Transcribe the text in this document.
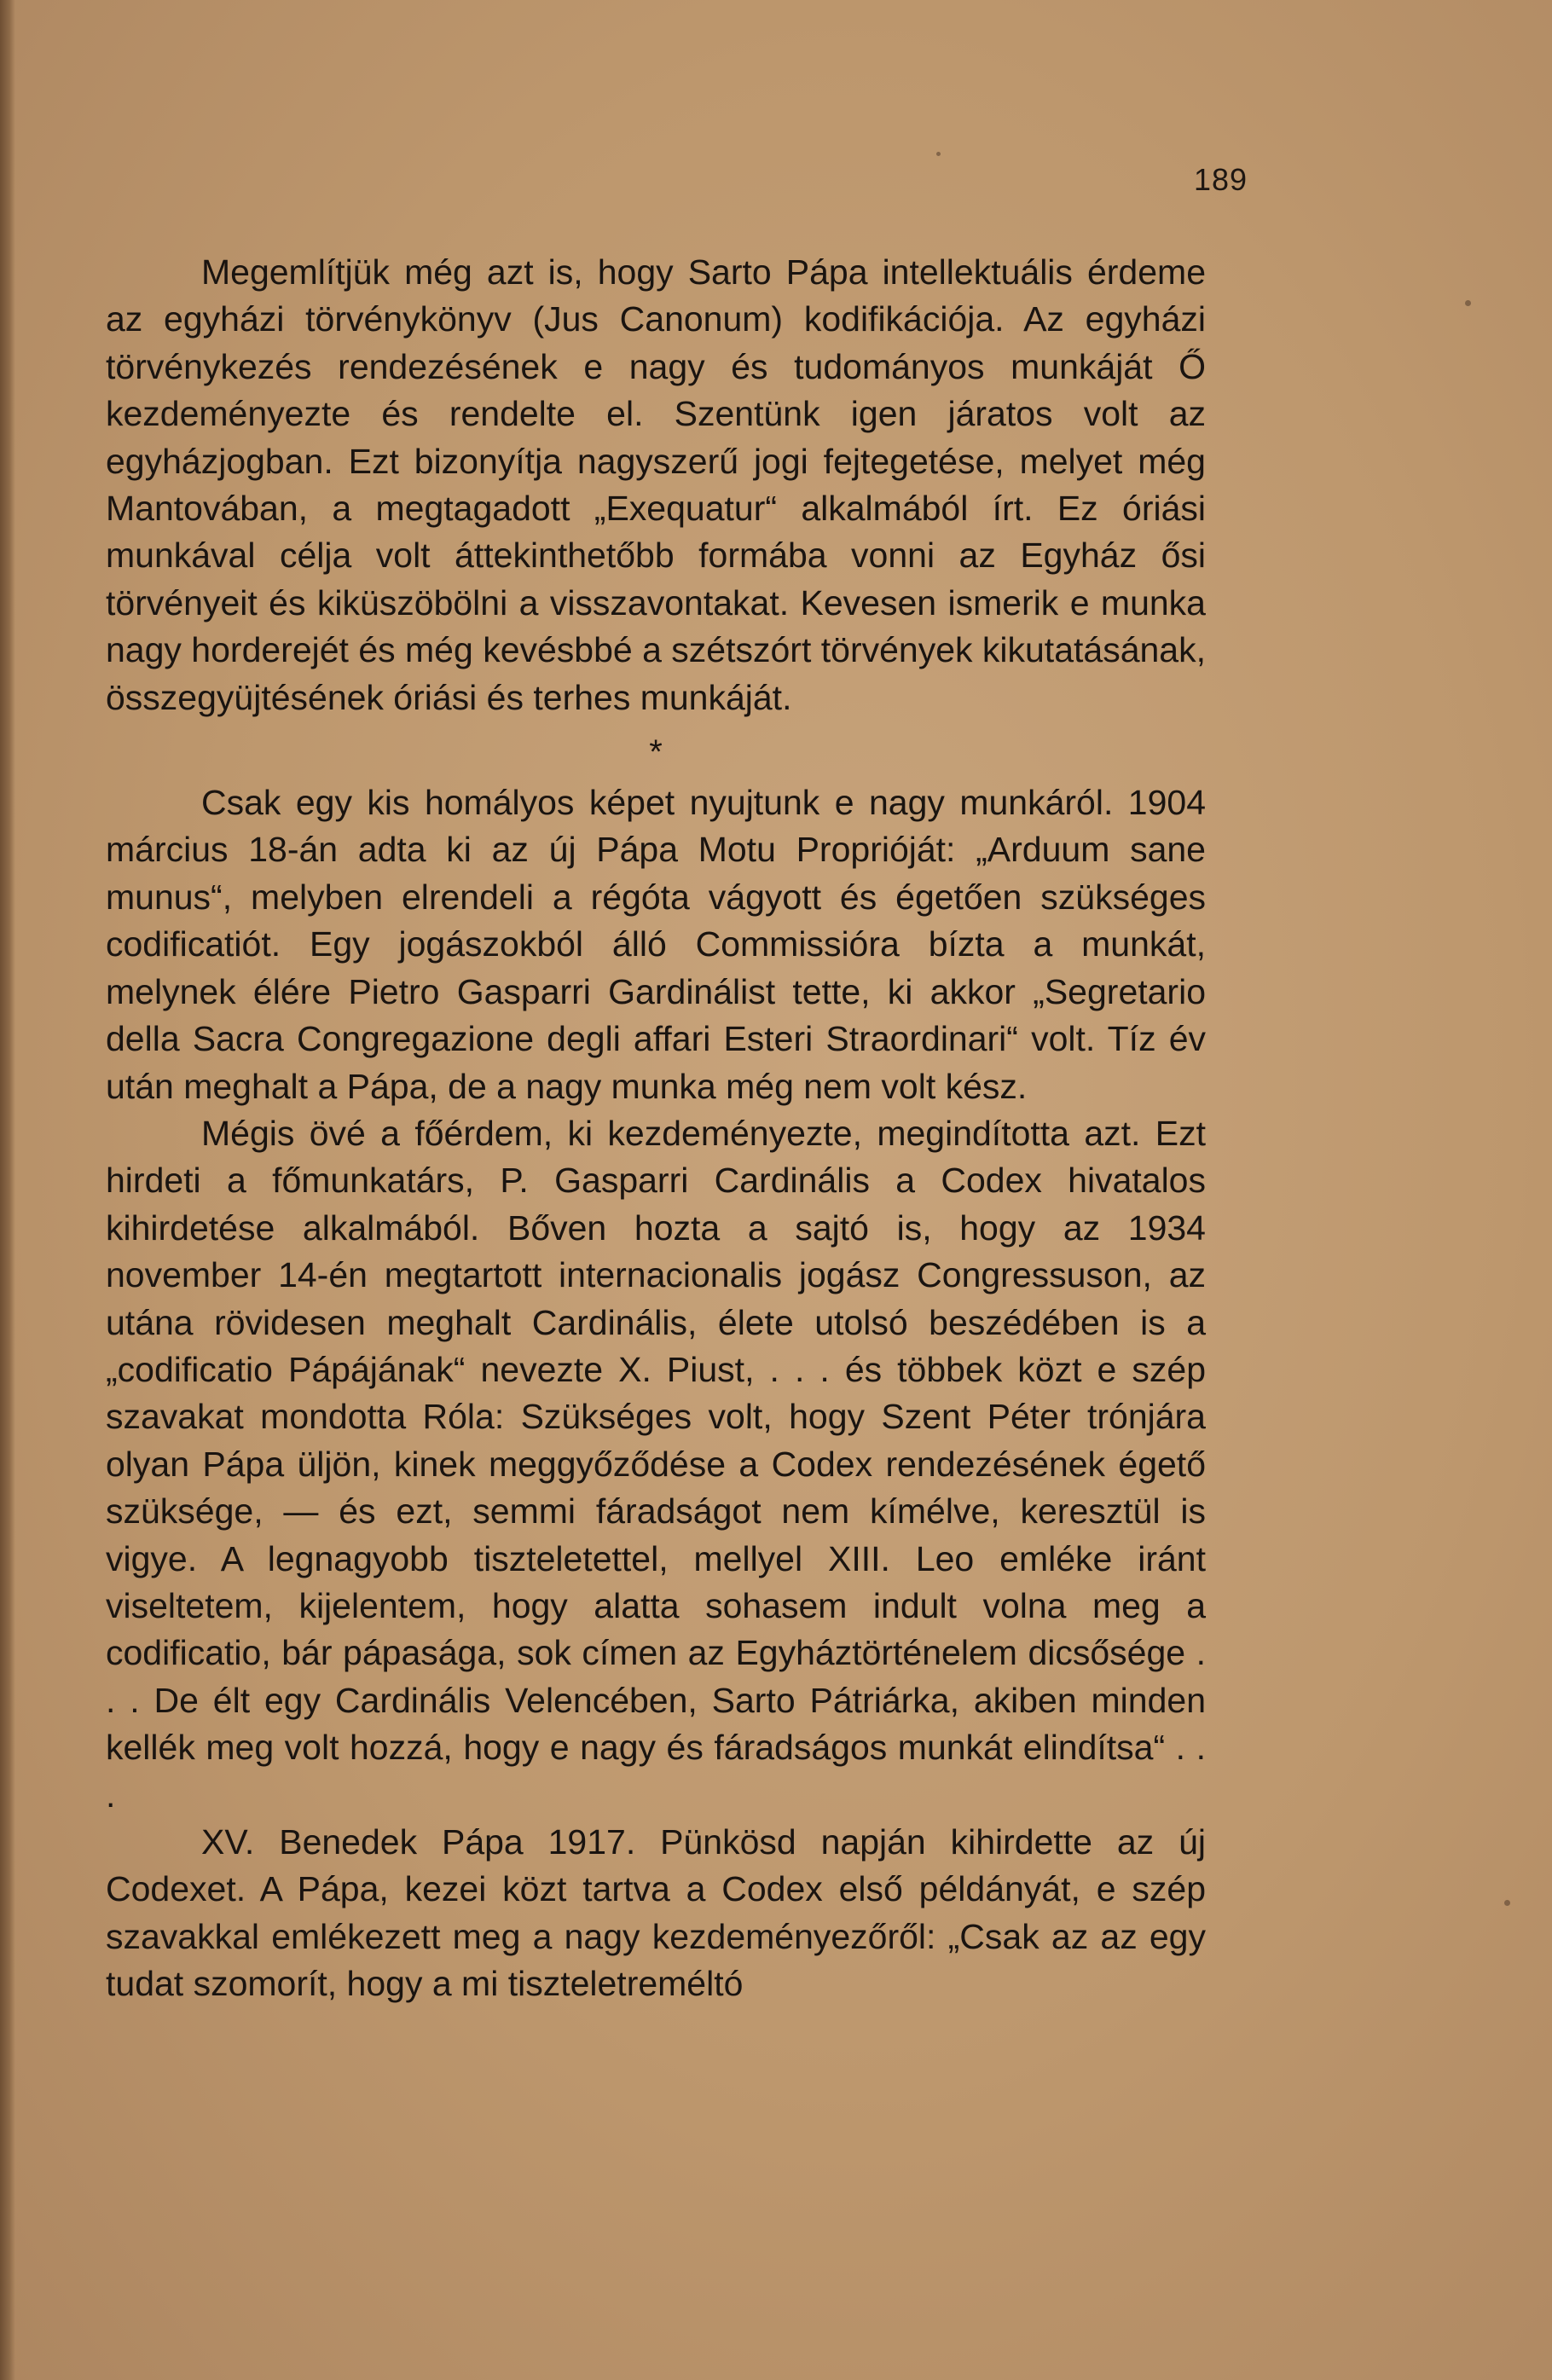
189

Megemlítjük még azt is, hogy Sarto Pápa intellektuális érdeme az egyházi törvénykönyv (Jus Canonum) kodifikációja. Az egyházi törvénykezés rendezésének e nagy és tudományos munkáját Ő kezdeményezte és rendelte el. Szentünk igen járatos volt az egyházjogban. Ezt bizonyítja nagyszerű jogi fejtegetése, melyet még Mantovában, a megtagadott „Exequatur“ alkalmából írt. Ez óriási munkával célja volt áttekinthetőbb formába vonni az Egyház ősi törvényeit és kiküszöbölni a visszavontakat. Kevesen ismerik e munka nagy horderejét és még kevésbbé a szétszórt törvények kikutatásának, összegyüjtésének óriási és terhes munkáját.

*

Csak egy kis homályos képet nyujtunk e nagy munkáról. 1904 március 18-án adta ki az új Pápa Motu Proprióját: „Arduum sane munus“, melyben elrendeli a régóta vágyott és égetően szükséges codificatiót. Egy jogászokból álló Commissióra bízta a munkát, melynek élére Pietro Gasparri Gardinálist tette, ki akkor „Segretario della Sacra Congregazione degli affari Esteri Straordinari“ volt. Tíz év után meghalt a Pápa, de a nagy munka még nem volt kész.

Mégis övé a főérdem, ki kezdeményezte, megindította azt. Ezt hirdeti a főmunkatárs, P. Gasparri Cardinális a Codex hivatalos kihirdetése alkalmából. Bőven hozta a sajtó is, hogy az 1934 november 14-én megtartott internacionalis jogász Congressuson, az utána rövidesen meghalt Cardinális, élete utolsó beszédében is a „codificatio Pápájának“ nevezte X. Piust, . . . és többek közt e szép szavakat mondotta Róla: Szükséges volt, hogy Szent Péter trónjára olyan Pápa üljön, kinek meggyőződése a Codex rendezésének égető szüksége, — és ezt, semmi fáradságot nem kímélve, keresztül is vigye. A legnagyobb tiszteletettel, mellyel XIII. Leo emléke iránt viseltetem, kijelentem, hogy alatta sohasem indult volna meg a codificatio, bár pápasága, sok címen az Egyháztörténelem dicsősége . . . De élt egy Cardinális Velencében, Sarto Pátriárka, akiben minden kellék meg volt hozzá, hogy e nagy és fáradságos munkát elindítsa“ . . .

XV. Benedek Pápa 1917. Pünkösd napján kihirdette az új Codexet. A Pápa, kezei közt tartva a Codex első példányát, e szép szavakkal emlékezett meg a nagy kezdeményezőről: „Csak az az egy tudat szomorít, hogy a mi tiszteletreméltó
